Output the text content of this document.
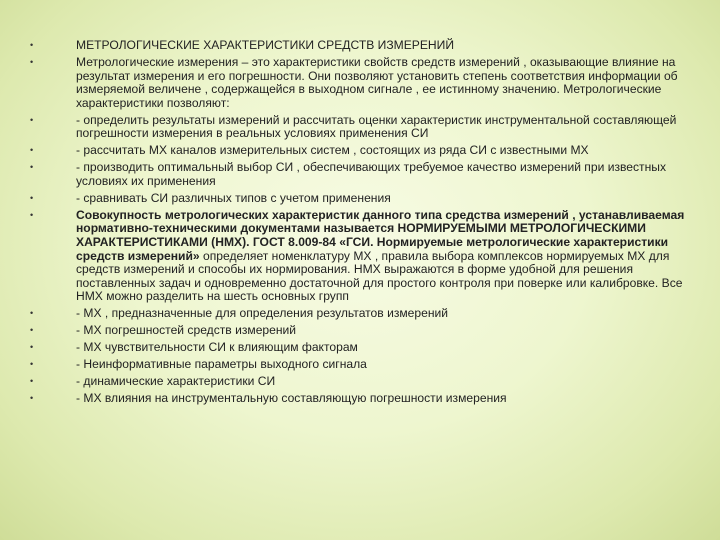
•	МЕТРОЛОГИЧЕСКИЕ ХАРАКТЕРИСТИКИ СРЕДСТВ ИЗМЕРЕНИЙ
•	Метрологические измерения – это характеристики свойств средств измерений , оказывающие влияние на результат измерения и его погрешности. Они позволяют установить степень соответствия информации об измеряемой величене , содержащейся в выходном сигнале , ее истинному значению. Метрологические характеристики позволяют:
•	- определить результаты измерений и рассчитать оценки характеристик инструментальной составляющей погрешности измерения в реальных условиях применения СИ
•	- рассчитать МХ каналов измерительных систем , состоящих из ряда СИ с известными МХ
•	- производить оптимальный выбор СИ , обеспечивающих требуемое качество измерений при известных условиях их применения
•	- сравнивать СИ различных типов с учетом применения
•	Совокупность метрологических характеристик данного типа средства измерений , устанавливаемая нормативно-техническими документами называется НОРМИРУЕМЫМИ МЕТРОЛОГИЧЕСКИМИ ХАРАКТЕРИСТИКАМИ (НМХ). ГОСТ 8.009-84 «ГСИ. Нормируемые метрологические характеристики средств измерений» определяет номенклатуру МХ , правила выбора комплексов нормируемых МХ для средств измерений и способы их нормирования. НМХ выражаются в форме удобной для решения поставленных задач и одновременно достаточной для простого контроля при поверке или калибровке. Все НМХ можно разделить на шесть основных групп
•	- МХ , предназначенные для определения результатов измерений
•	- МХ погрешностей средств измерений
•	- МХ чувствительности СИ к влияющим факторам
•	- Неинформативные параметры выходного сигнала
•	- динамические характеристики СИ
•	- МХ влияния на инструментальную составляющую погрешности измерения
